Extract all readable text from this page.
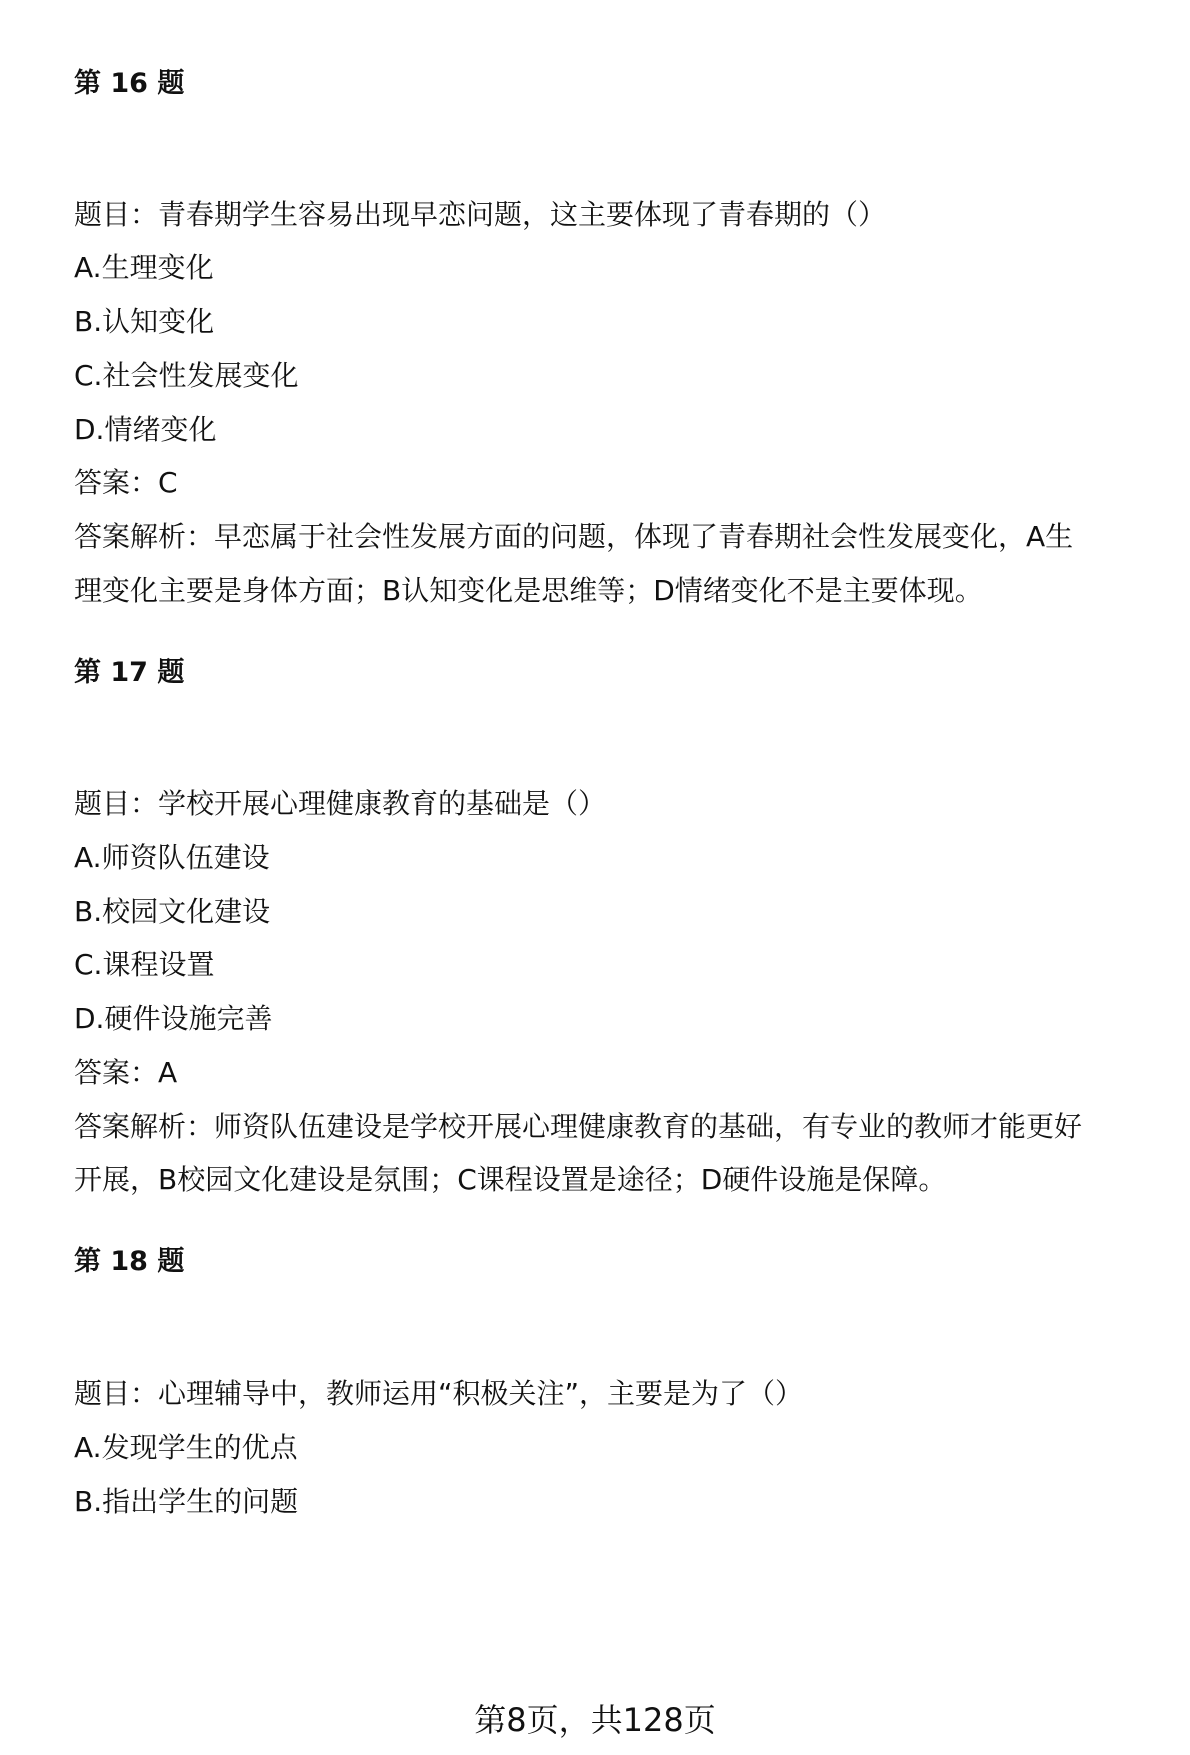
第 16 题
题目：青春期学生容易出现早恋问题，这主要体现了青春期的（）
A.生理变化
B.认知变化
C.社会性发展变化
D.情绪变化
答案：C
答案解析：早恋属于社会性发展方面的问题，体现了青春期社会性发展变化，A生
理变化主要是身体方面；B认知变化是思维等；D情绪变化不是主要体现。
第 17 题
题目：学校开展心理健康教育的基础是（）
A.师资队伍建设
B.校园文化建设
C.课程设置
D.硬件设施完善
答案：A
答案解析：师资队伍建设是学校开展心理健康教育的基础，有专业的教师才能更好
开展，B校园文化建设是氛围；C课程设置是途径；D硬件设施是保障。
第 18 题
题目：心理辅导中，教师运用“积极关注”，主要是为了（）
A.发现学生的优点
B.指出学生的问题
第8页，共128页
